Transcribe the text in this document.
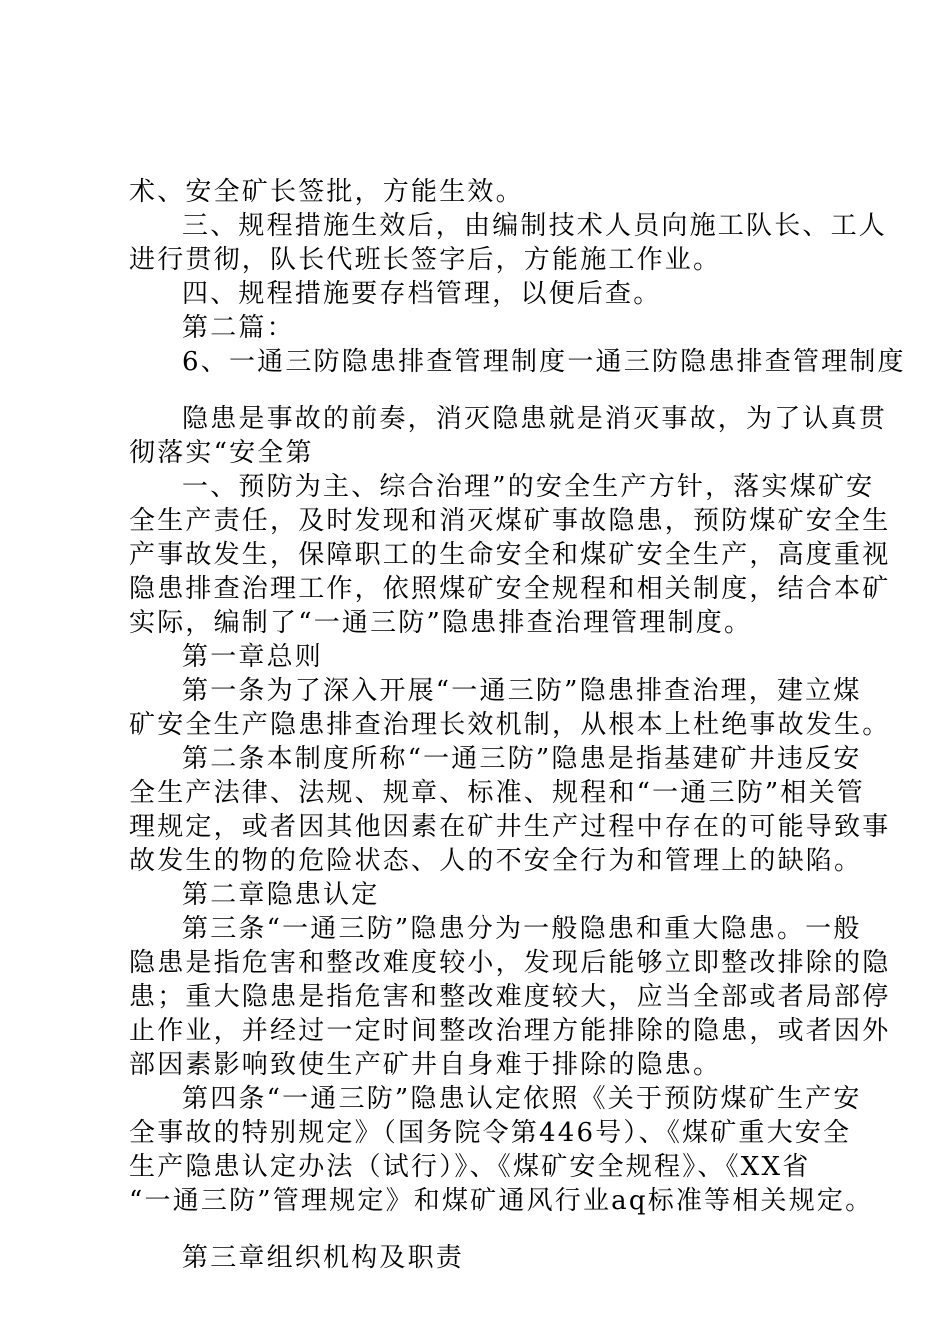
术、安全矿长签批，方能生效。
三、规程措施生效后，由编制技术人员向施工队长、工人
进行贯彻，队长代班长签字后，方能施工作业。
四、规程措施要存档管理，以便后查。
第二篇：
6、一通三防隐患排查管理制度一通三防隐患排查管理制度
隐患是事故的前奏，消灭隐患就是消灭事故，为了认真贯
彻落实“安全第
一、预防为主、综合治理”的安全生产方针，落实煤矿安
全生产责任，及时发现和消灭煤矿事故隐患，预防煤矿安全生
产事故发生，保障职工的生命安全和煤矿安全生产，高度重视
隐患排查治理工作，依照煤矿安全规程和相关制度，结合本矿
实际，编制了“一通三防”隐患排查治理管理制度。
第一章总则
第一条为了深入开展“一通三防”隐患排查治理，建立煤
矿安全生产隐患排查治理长效机制，从根本上杜绝事故发生。
第二条本制度所称“一通三防”隐患是指基建矿井违反安
全生产法律、法规、规章、标准、规程和“一通三防”相关管
理规定，或者因其他因素在矿井生产过程中存在的可能导致事
故发生的物的危险状态、人的不安全行为和管理上的缺陷。
第二章隐患认定
第三条“一通三防”隐患分为一般隐患和重大隐患。一般
隐患是指危害和整改难度较小，发现后能够立即整改排除的隐
患；重大隐患是指危害和整改难度较大，应当全部或者局部停
止作业，并经过一定时间整改治理方能排除的隐患，或者因外
部因素影响致使生产矿井自身难于排除的隐患。
第四条“一通三防”隐患认定依照《关于预防煤矿生产安
全事故的特别规定》（国务院令第446号）、《煤矿重大安全
生产隐患认定办法（试行）》、《煤矿安全规程》、《XX省
“一通三防”管理规定》和煤矿通风行业aq标准等相关规定。
第三章组织机构及职责
